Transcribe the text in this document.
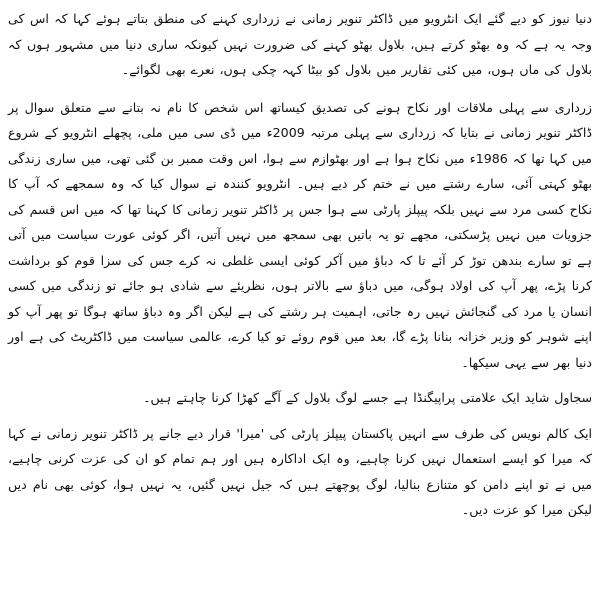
دنیا نیوز کو دیے گئے ایک انٹرویو میں ڈاکٹر تنویر زمانی نے زرداری کہنے کی منطق بتاتے ہوئے کہا کہ اس کی وجہ یہ ہے کہ وہ بھٹو کرتے ہیں، بلاول بھٹو کہنے کی ضرورت نہیں کیونکہ ساری دنیا میں مشہور ہوں کہ بلاول کی ماں ہوں، میں کئی تقاریر میں بلاول کو بیٹا کہہ چکی ہوں، نعرے بھی لگوائے۔

زرداری سے پہلی ملاقات اور نکاح ہونے کی تصدیق کیساتھ اس شخص کا نام نہ بتانے سے متعلق سوال پر ڈاکٹر تنویر زمانی نے بتایا کہ زرداری سے پہلی مرتبہ 2009ء میں ڈی سی میں ملی، پچھلے انٹرویو کے شروع میں کہا تھا کہ 1986ء میں نکاح ہوا ہے اور بھٹوازم سے ہوا، اس وقت ممبر بن گئی تھی، میں ساری زندگی بھٹو کہتی آئی، سارے رشتے میں نے ختم کر دیے ہیں۔ انٹرویو کنندہ نے سوال کیا کہ وہ سمجھے کہ آپ کا نکاح کسی مرد سے نہیں بلکہ پیپلز پارٹی سے ہوا جس پر ڈاکٹر تنویر زمانی کا کہنا تھا کہ میں اس قسم کی جزویات میں نہیں پڑسکتی، مجھے تو یہ باتیں بھی سمجھ میں نہیں آتیں، اگر کوئی عورت سیاست میں آتی ہے تو سارے بندھن توڑ کر آئے تا کہ دباؤ میں آکر کوئی ایسی غلطی نہ کرے جس کی سزا قوم کو برداشت کرنا پڑے، پھر آپ کی اولاد ہوگی، میں دباؤ سے بالاتر ہوں، نظریئے سے شادی ہو جائے تو زندگی میں کسی انسان یا مرد کی گنجائش نہیں رہ جاتی، اہمیت ہر رشتے کی ہے لیکن اگر وہ دباؤ ساتھ ہوگا تو پھر آپ کو اپنے شوہر کو وزیر خزانہ بنانا پڑے گا، بعد میں قوم روئے تو کیا کرے، عالمی سیاست میں ڈاکٹریٹ کی ہے اور دنیا بھر سے یہی سیکھا۔

سجاول شاید ایک علامتی پراپیگنڈا ہے جسے لوگ بلاول کے آگے کھڑا کرنا چاہتے ہیں۔

ایک کالم نویس کی طرف سے انہیں پاکستان پیپلز پارٹی کی 'میرا' قرار دیے جانے پر ڈاکٹر تنویر زمانی نے کہا کہ میرا کو ایسے استعمال نہیں کرنا چاہیے، وہ ایک اداکارہ ہیں اور ہم تمام کو ان کی عزت کرنی چاہیے، میں نے تو اپنے دامن کو متنازع بنالیا، لوگ پوچھتے ہیں کہ جیل نہیں گئیں، یہ نہیں ہوا، کوئی بھی نام دیں لیکن میرا کو عزت دیں۔
